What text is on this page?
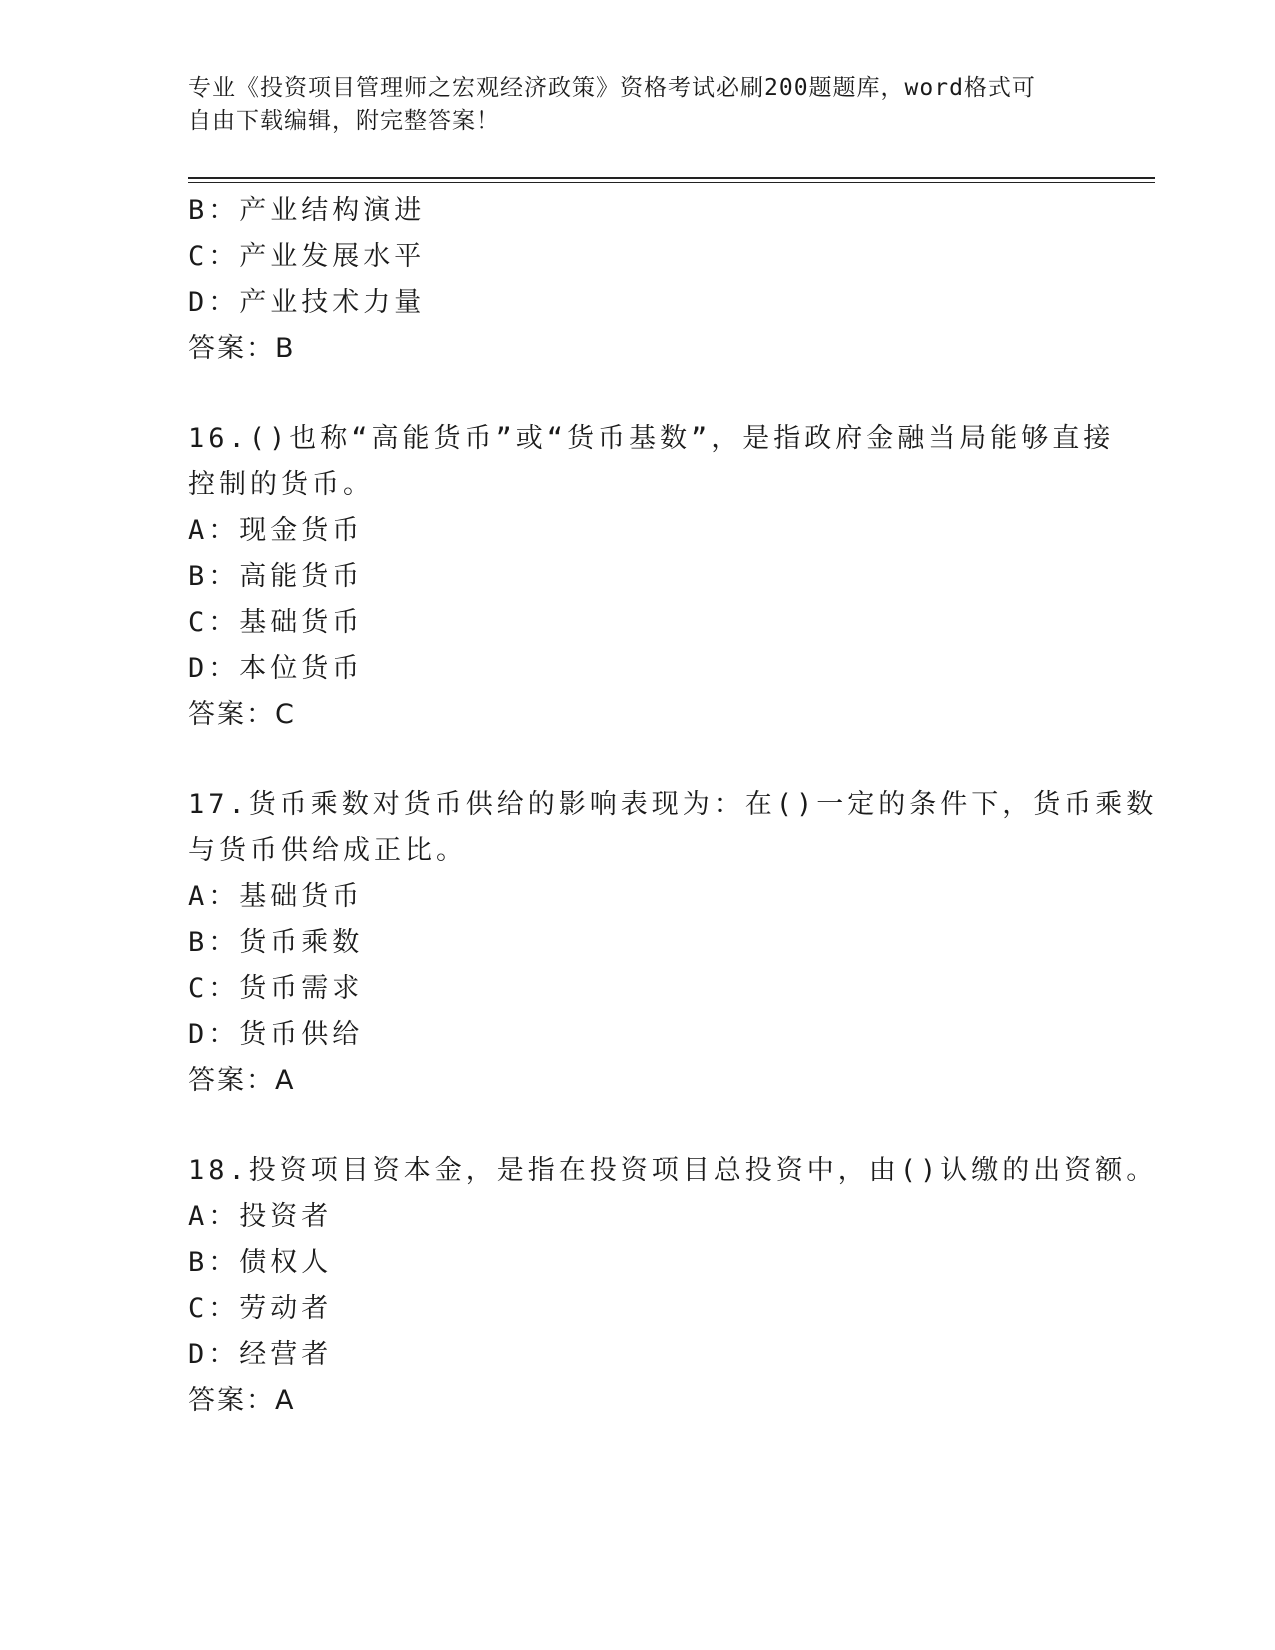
专业《投资项目管理师之宏观经济政策》资格考试必刷200题题库，word格式可
自由下载编辑，附完整答案！
B：产业结构演进
C：产业发展水平
D：产业技术力量
答案：B
16.()也称“高能货币”或“货币基数”，是指政府金融当局能够直接
控制的货币。
A：现金货币
B：高能货币
C：基础货币
D：本位货币
答案：C
17.货币乘数对货币供给的影响表现为：在()一定的条件下，货币乘数
与货币供给成正比。
A：基础货币
B：货币乘数
C：货币需求
D：货币供给
答案：A
18.投资项目资本金，是指在投资项目总投资中，由()认缴的出资额。
A：投资者
B：债权人
C：劳动者
D：经营者
答案：A
